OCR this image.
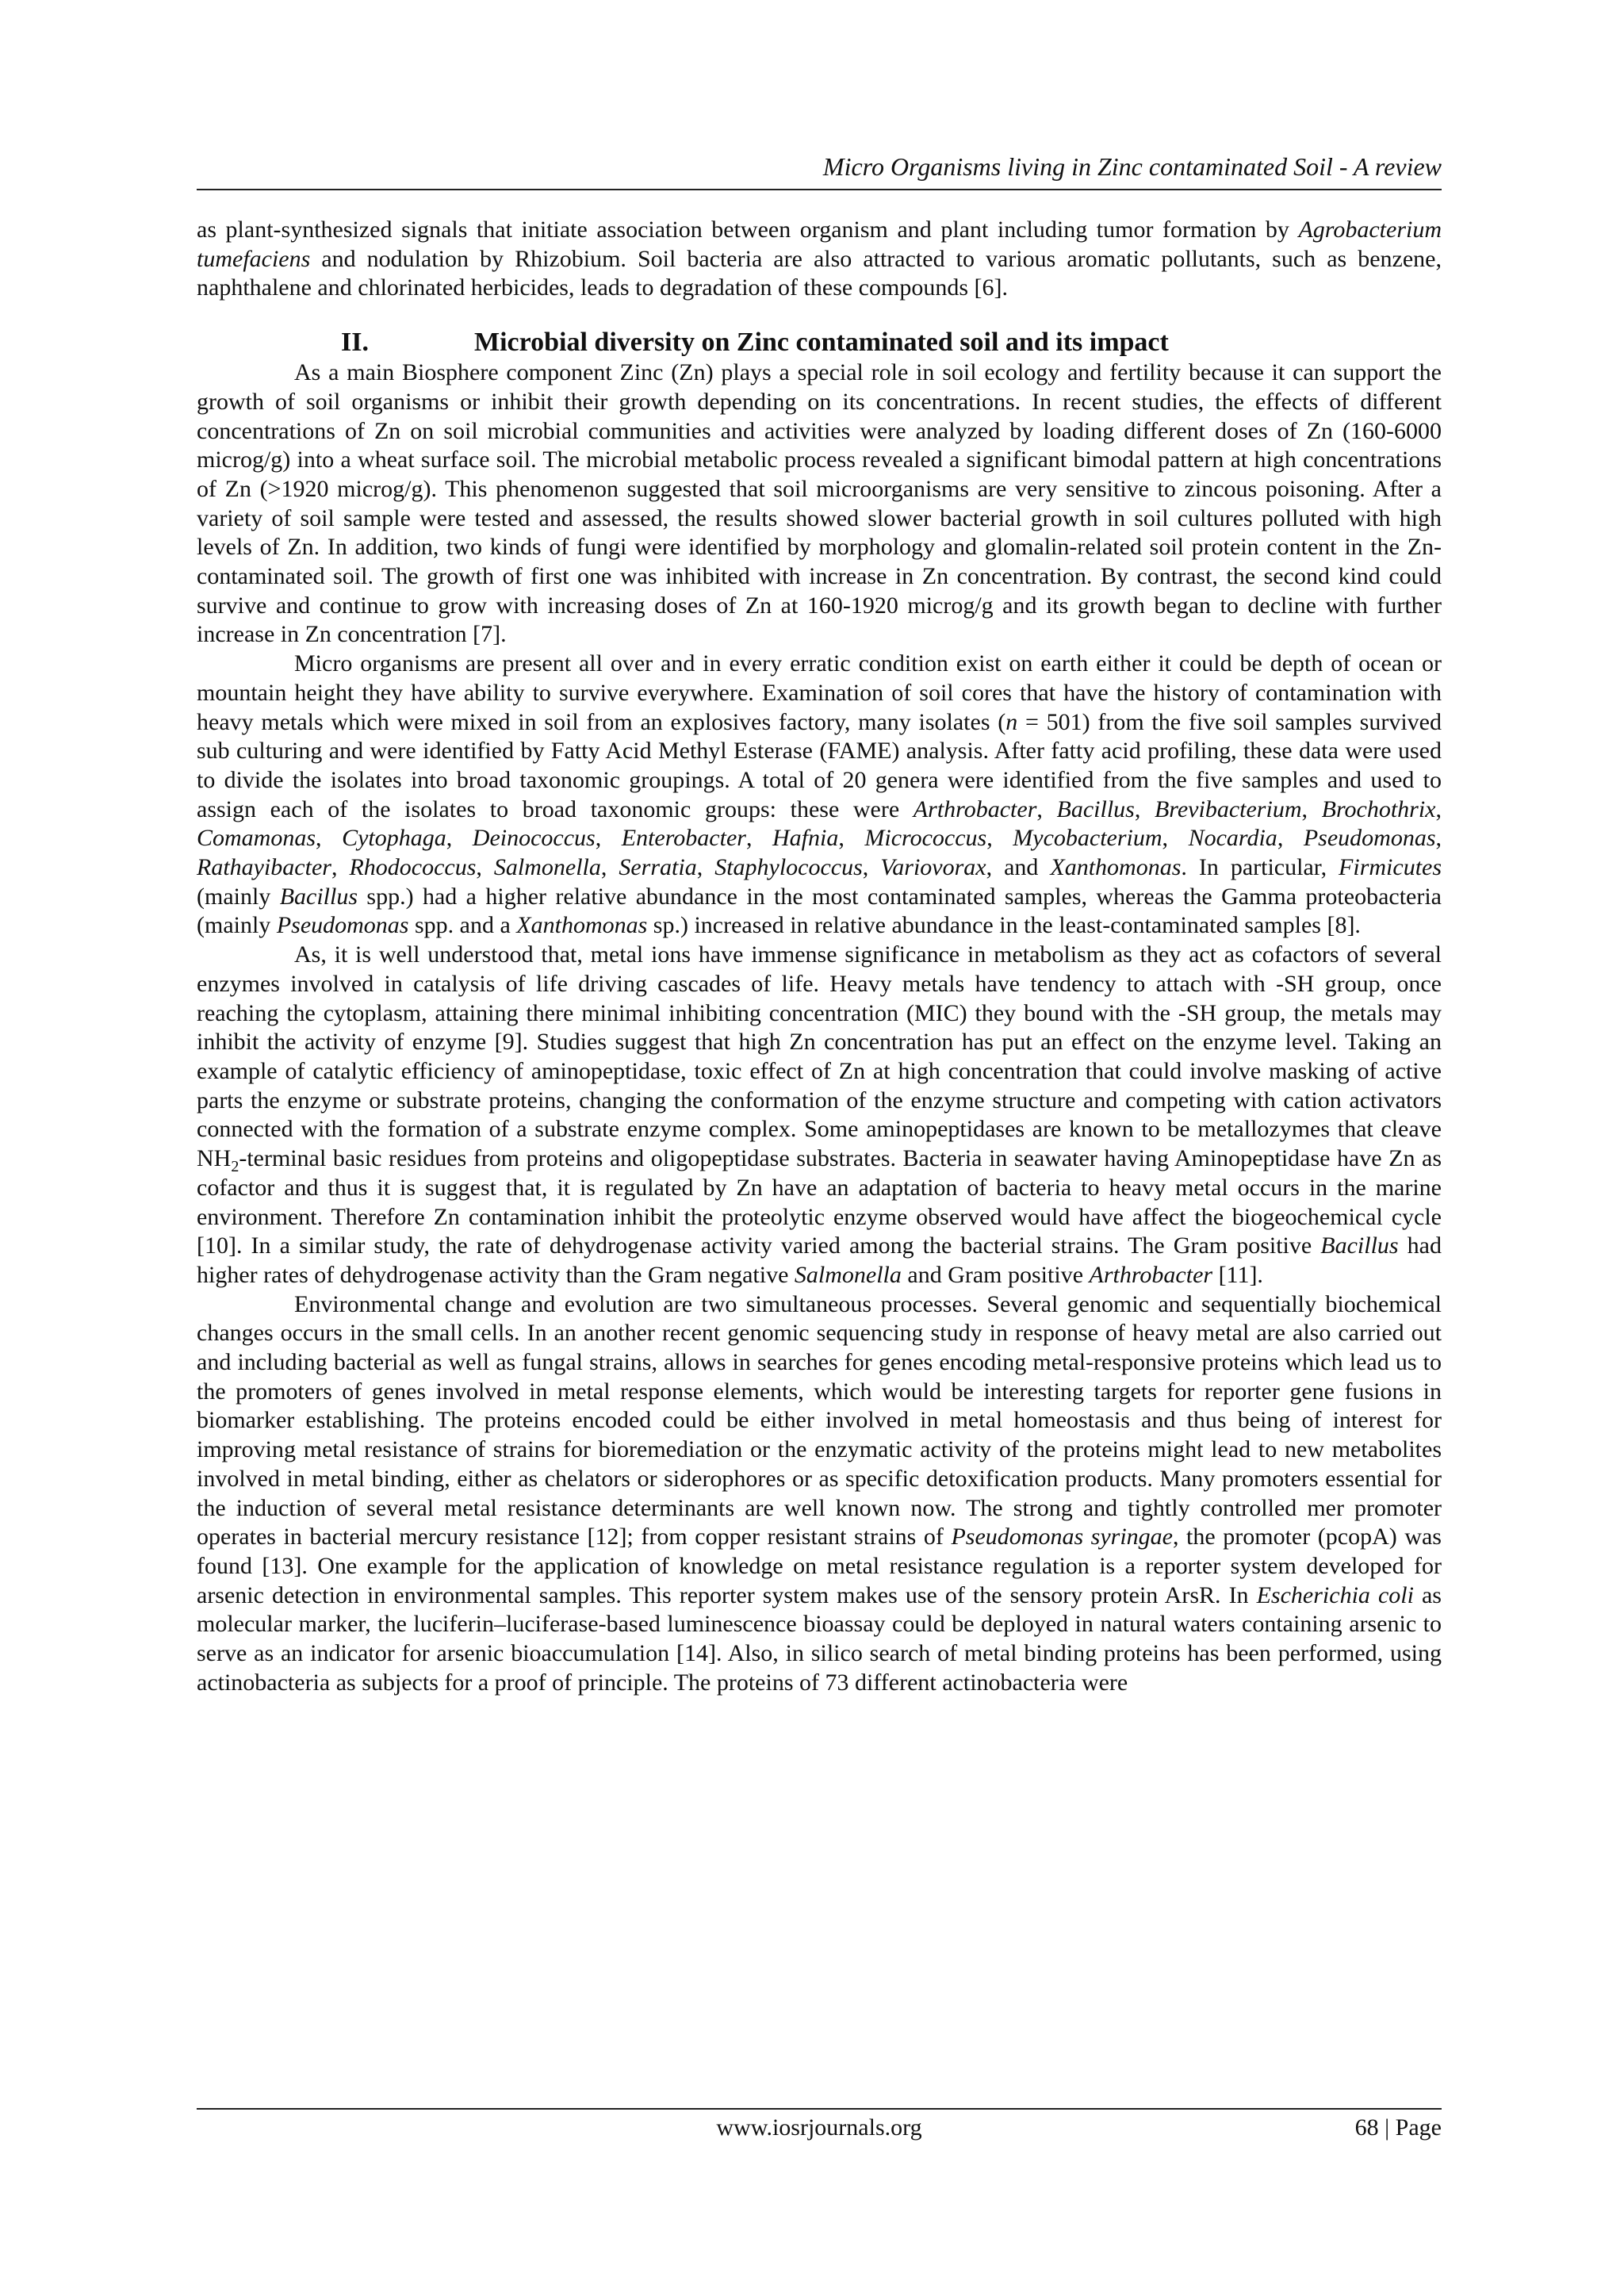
Micro Organisms living in Zinc contaminated Soil - A review

as plant-synthesized signals that initiate association between organism and plant including tumor formation by Agrobacterium tumefaciens and nodulation by Rhizobium. Soil bacteria are also attracted to various aromatic pollutants, such as benzene, naphthalene and chlorinated herbicides, leads to degradation of these compounds [6].

II.	Microbial diversity on Zinc contaminated soil and its impact

As a main Biosphere component Zinc (Zn) plays a special role in soil ecology and fertility because it can support the growth of soil organisms or inhibit their growth depending on its concentrations. In recent studies, the effects of different concentrations of Zn on soil microbial communities and activities were analyzed by loading different doses of Zn (160-6000 microg/g) into a wheat surface soil. The microbial metabolic process revealed a significant bimodal pattern at high concentrations of Zn (>1920 microg/g). This phenomenon suggested that soil microorganisms are very sensitive to zincous poisoning. After a variety of soil sample were tested and assessed, the results showed slower bacterial growth in soil cultures polluted with high levels of Zn. In addition, two kinds of fungi were identified by morphology and glomalin-related soil protein content in the Zn-contaminated soil. The growth of first one was inhibited with increase in Zn concentration. By contrast, the second kind could survive and continue to grow with increasing doses of Zn at 160-1920 microg/g and its growth began to decline with further increase in Zn concentration [7].

Micro organisms are present all over and in every erratic condition exist on earth either it could be depth of ocean or mountain height they have ability to survive everywhere. Examination of soil cores that have the history of contamination with heavy metals which were mixed in soil from an explosives factory, many isolates (n = 501) from the five soil samples survived sub culturing and were identified by Fatty Acid Methyl Esterase (FAME) analysis. After fatty acid profiling, these data were used to divide the isolates into broad taxonomic groupings. A total of 20 genera were identified from the five samples and used to assign each of the isolates to broad taxonomic groups: these were Arthrobacter, Bacillus, Brevibacterium, Brochothrix, Comamonas, Cytophaga, Deinococcus, Enterobacter, Hafnia, Micrococcus, Mycobacterium, Nocardia, Pseudomonas, Rathayibacter, Rhodococcus, Salmonella, Serratia, Staphylococcus, Variovorax, and Xanthomonas. In particular, Firmicutes (mainly Bacillus spp.) had a higher relative abundance in the most contaminated samples, whereas the Gamma proteobacteria (mainly Pseudomonas spp. and a Xanthomonas sp.) increased in relative abundance in the least-contaminated samples [8].

As, it is well understood that, metal ions have immense significance in metabolism as they act as cofactors of several enzymes involved in catalysis of life driving cascades of life. Heavy metals have tendency to attach with -SH group, once reaching the cytoplasm, attaining there minimal inhibiting concentration (MIC) they bound with the -SH group, the metals may inhibit the activity of enzyme [9]. Studies suggest that high Zn concentration has put an effect on the enzyme level. Taking an example of catalytic efficiency of aminopeptidase, toxic effect of Zn at high concentration that could involve masking of active parts the enzyme or substrate proteins, changing the conformation of the enzyme structure and competing with cation activators connected with the formation of a substrate enzyme complex. Some aminopeptidases are known to be metallozymes that cleave $NH_2$-terminal basic residues from proteins and oligopeptidase substrates. Bacteria in seawater having Aminopeptidase have Zn as cofactor and thus it is suggest that, it is regulated by Zn have an adaptation of bacteria to heavy metal occurs in the marine environment. Therefore Zn contamination inhibit the proteolytic enzyme observed would have affect the biogeochemical cycle [10]. In a similar study, the rate of dehydrogenase activity varied among the bacterial strains. The Gram positive Bacillus had higher rates of dehydrogenase activity than the Gram negative Salmonella and Gram positive Arthrobacter [11].

Environmental change and evolution are two simultaneous processes. Several genomic and sequentially biochemical changes occurs in the small cells. In an another recent genomic sequencing study in response of heavy metal are also carried out and including bacterial as well as fungal strains, allows in searches for genes encoding metal-responsive proteins which lead us to the promoters of genes involved in metal response elements, which would be interesting targets for reporter gene fusions in biomarker establishing. The proteins encoded could be either involved in metal homeostasis and thus being of interest for improving metal resistance of strains for bioremediation or the enzymatic activity of the proteins might lead to new metabolites involved in metal binding, either as chelators or siderophores or as specific detoxification products. Many promoters essential for the induction of several metal resistance determinants are well known now. The strong and tightly controlled mer promoter operates in bacterial mercury resistance [12]; from copper resistant strains of Pseudomonas syringae, the promoter (pcopA) was found [13]. One example for the application of knowledge on metal resistance regulation is a reporter system developed for arsenic detection in environmental samples. This reporter system makes use of the sensory protein ArsR. In Escherichia coli as molecular marker, the luciferin–luciferase-based luminescence bioassay could be deployed in natural waters containing arsenic to serve as an indicator for arsenic bioaccumulation [14]. Also, in silico search of metal binding proteins has been performed, using actinobacteria as subjects for a proof of principle. The proteins of 73 different actinobacteria were

www.iosrjournals.org	68 | Page
